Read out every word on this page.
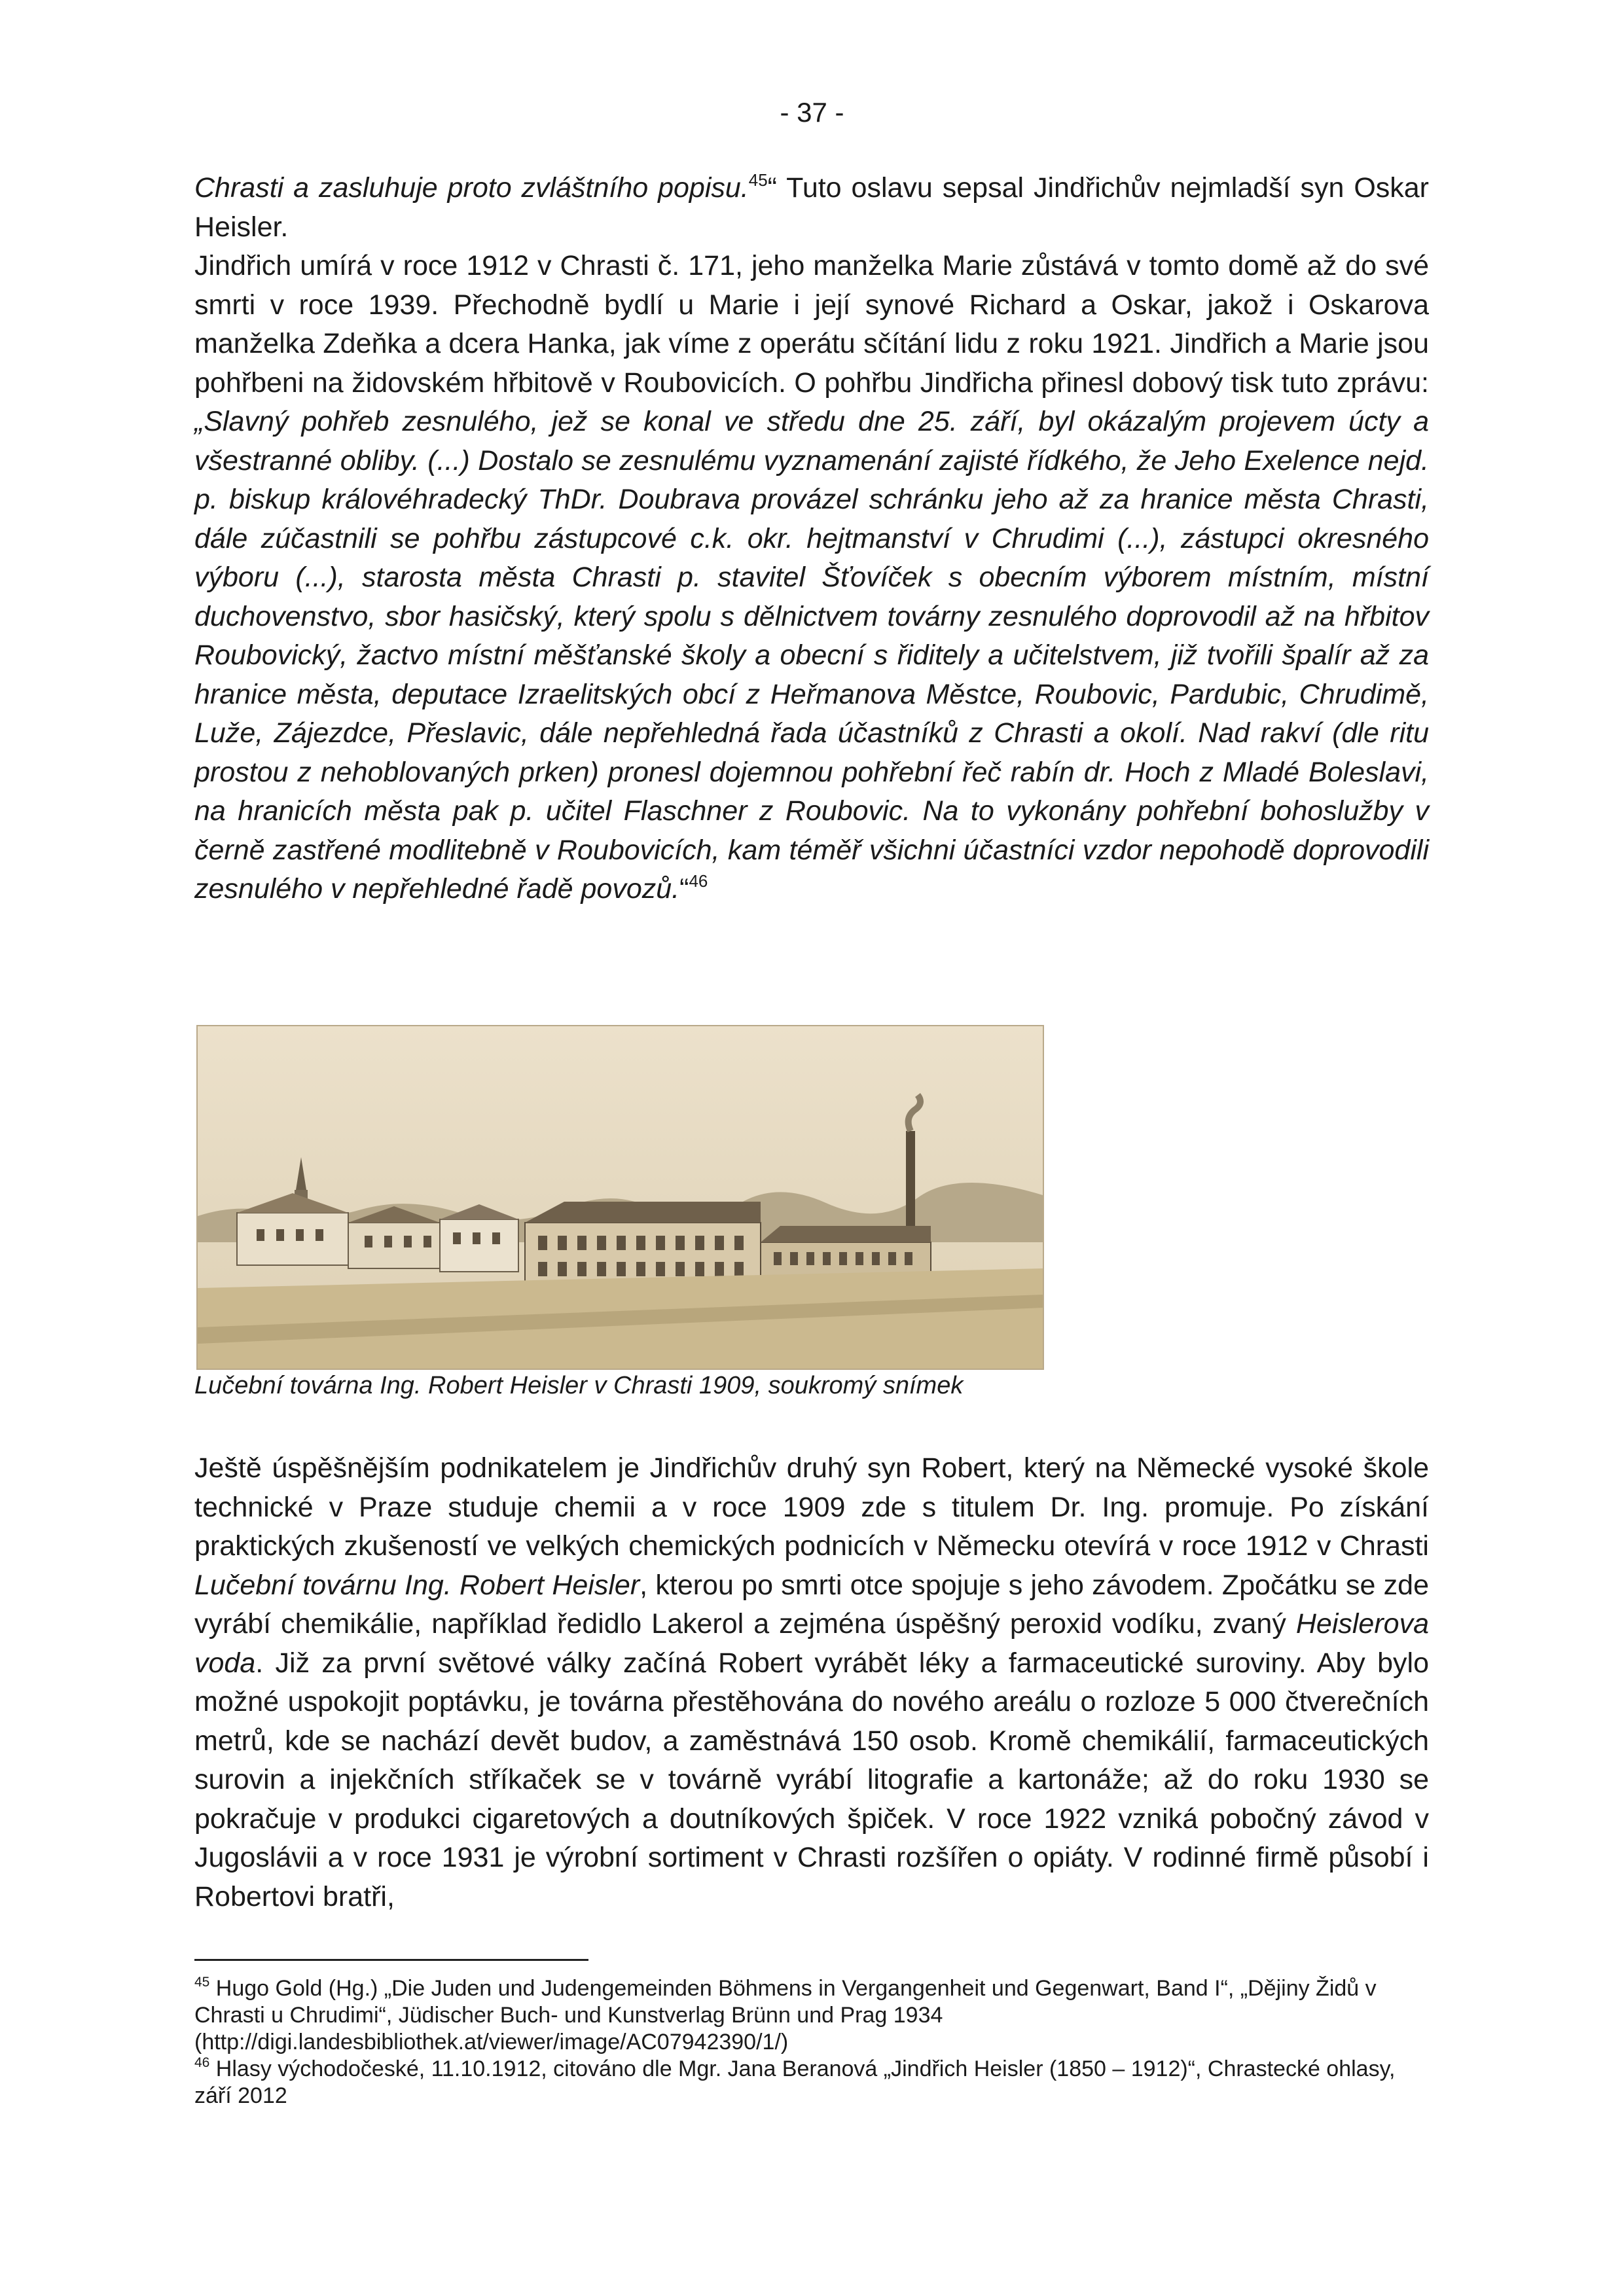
- 37 -

Chrasti a zasluhuje proto zvláštního popisu.$^{45}$“ Tuto oslavu sepsal Jindřichův nejmladší syn Oskar Heisler.

Jindřich umírá v roce 1912 v Chrasti č. 171, jeho manželka Marie zůstává v tomto domě až do své smrti v roce 1939. Přechodně bydlí u Marie i její synové Richard a Oskar, jakož i Oskarova manželka Zdeňka a dcera Hanka, jak víme z operátu sčítání lidu z roku 1921. Jindřich a Marie jsou pohřbeni na židovském hřbitově v Roubovicích. O pohřbu Jindřicha přinesl dobový tisk tuto zprávu: „Slavný pohřeb zesnulého, jež se konal ve středu dne 25. září, byl okázalým projevem úcty a všestranné obliby. (...) Dostalo se zesnulému vyznamenání zajisté řídkého, že Jeho Exelence nejd. p. biskup královéhradecký ThDr. Doubrava provázel schránku jeho až za hranice města Chrasti, dále zúčastnili se pohřbu zástupcové c.k. okr. hejtmanství v Chrudimi (...), zástupci okresného výboru (...), starosta města Chrasti p. stavitel Šťovíček s obecním výborem místním, místní duchovenstvo, sbor hasičský, který spolu s dělnictvem továrny zesnulého doprovodil až na hřbitov Roubovický, žactvo místní měšťanské školy a obecní s řiditely a učitelstvem, již tvořili špalír až za hranice města, deputace Izraelitských obcí z Heřmanova Městce, Roubovic, Pardubic, Chrudimě, Luže, Zájezdce, Přeslavic, dále nepřehledná řada účastníků z Chrasti a okolí. Nad rakví (dle ritu prostou z nehoblovaných prken) pronesl dojemnou pohřební řeč rabín dr. Hoch z Mladé Boleslavi, na hranicích města pak p. učitel Flaschner z Roubovic. Na to vykonány pohřební bohoslužby v černě zastřené modlitebně v Roubovicích, kam téměř všichni účastníci vzdor nepohodě doprovodili zesnulého v nepřehledné řadě povozů.“$^{46}$

Lučební továrna Ing. Robert Heisler v Chrasti 1909, soukromý snímek

Ještě úspěšnějším podnikatelem je Jindřichův druhý syn Robert, který na Německé vysoké škole technické v Praze studuje chemii a v roce 1909 zde s titulem Dr. Ing. promuje. Po získání praktických zkušeností ve velkých chemických podnicích v Německu otevírá v roce 1912 v Chrasti Lučební továrnu Ing. Robert Heisler, kterou po smrti otce spojuje s jeho závodem. Zpočátku se zde vyrábí chemikálie, například ředidlo Lakerol a zejména úspěšný peroxid vodíku, zvaný Heislerova voda. Již za první světové války začíná Robert vyrábět léky a farmaceutické suroviny. Aby bylo možné uspokojit poptávku, je továrna přestěhována do nového areálu o rozloze 5 000 čtverečních metrů, kde se nachází devět budov, a zaměstnává 150 osob. Kromě chemikálií, farmaceutických surovin a injekčních stříkaček se v továrně vyrábí litografie a kartonáže; až do roku 1930 se pokračuje v produkci cigaretových a doutníkových špiček. V roce 1922 vzniká pobočný závod v Jugoslávii a v roce 1931 je výrobní sortiment v Chrasti rozšířen o opiáty. V rodinné firmě působí i Robertovi bratři,

$^{45}$ Hugo Gold (Hg.) „Die Juden und Judengemeinden Böhmens in Vergangenheit und Gegenwart, Band I“, „Dějiny Židů v Chrasti u Chrudimi“, Jüdischer Buch- und Kunstverlag Brünn und Prag 1934 (http://digi.landesbibliothek.at/viewer/image/AC07942390/1/)

$^{46}$ Hlasy východočeské, 11.10.1912, citováno dle Mgr. Jana Beranová „Jindřich Heisler (1850 – 1912)“, Chrastecké ohlasy, září 2012
